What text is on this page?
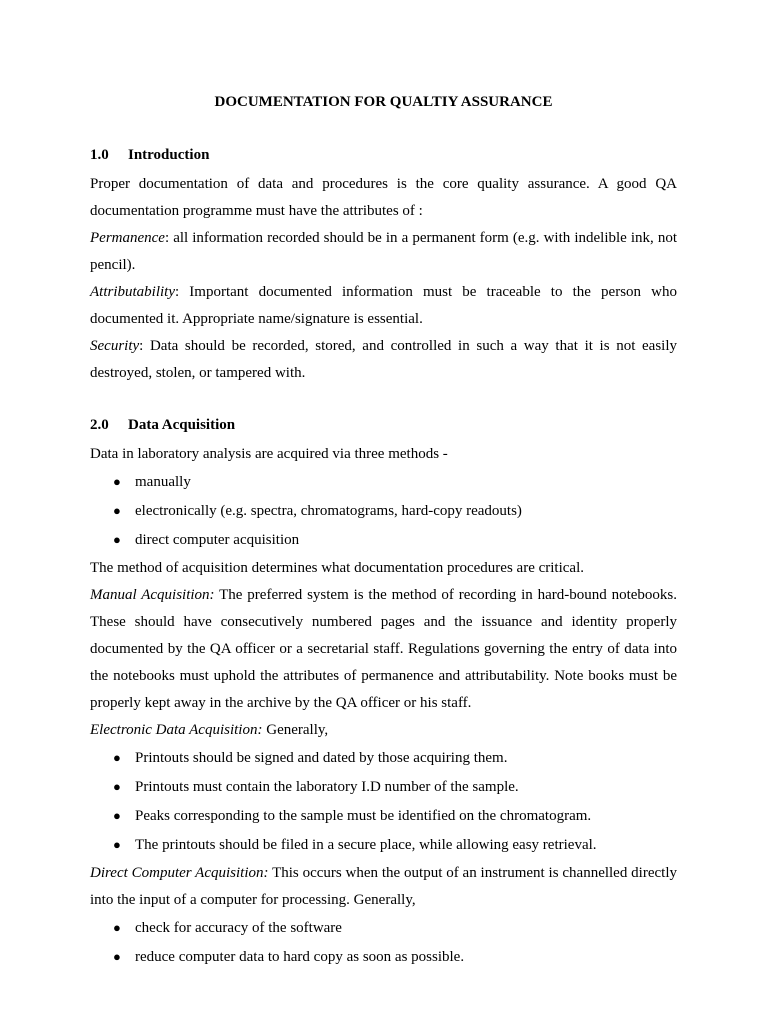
DOCUMENTATION FOR QUALTIY ASSURANCE
1.0 Introduction

Proper documentation of data and procedures is the core quality assurance. A good QA documentation programme must have the attributes of :

Permanence: all information recorded should be in a permanent form (e.g. with indelible ink, not pencil).

Attributability: Important documented information must be traceable to the person who documented it. Appropriate name/signature is essential.

Security: Data should be recorded, stored, and controlled in such a way that it is not easily destroyed, stolen, or tampered with.

2.0 Data Acquisition

Data in laboratory analysis are acquired via three methods -

● manually
● electronically (e.g. spectra, chromatograms, hard-copy readouts)
● direct computer acquisition

The method of acquisition determines what documentation procedures are critical.

Manual Acquisition: The preferred system is the method of recording in hard-bound notebooks. These should have consecutively numbered pages and the issuance and identity properly documented by the QA officer or a secretarial staff. Regulations governing the entry of data into the notebooks must uphold the attributes of permanence and attributability. Note books must be properly kept away in the archive by the QA officer or his staff.

Electronic Data Acquisition: Generally,

● Printouts should be signed and dated by those acquiring them.
● Printouts must contain the laboratory I.D number of the sample.
● Peaks corresponding to the sample must be identified on the chromatogram.
● The printouts should be filed in a secure place, while allowing easy retrieval.

Direct Computer Acquisition: This occurs when the output of an instrument is channelled directly into the input of a computer for processing. Generally,

● check for accuracy of the software
● reduce computer data to hard copy as soon as possible.
